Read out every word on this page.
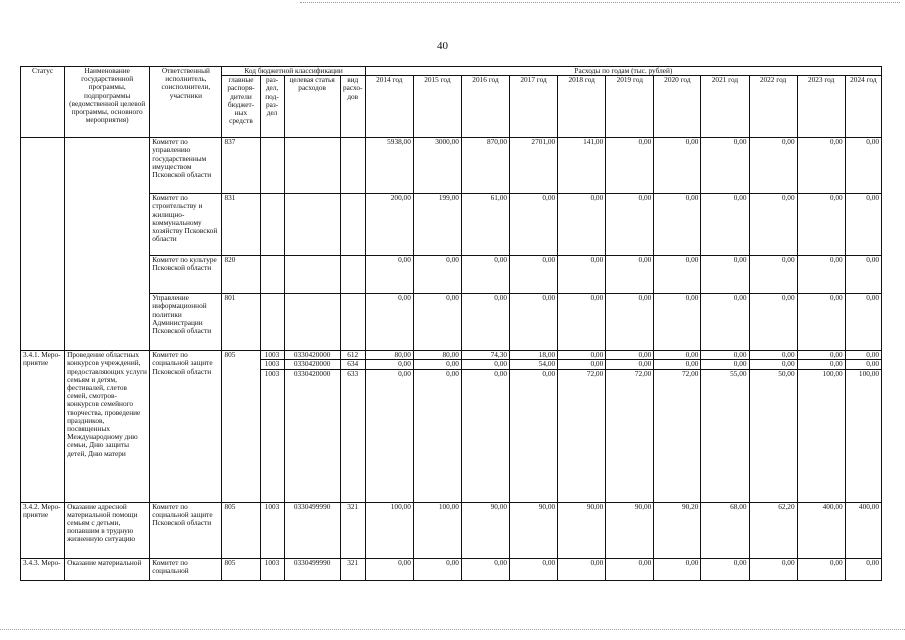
40
Статус	Наименование государственной программы, подпрограммы (ведомственной целевой программы, основного мероприятия)	Ответственный исполнитель, соисполнители, участники	Код бюджетной классификации				Расходы по годам (тыс. рублей)										
			главные распоря-дители бюджет-ных средств	раз-дел, под-раз-дел	целевая статья расходов	вид расхо-дов	2014 год	2015 год	2016 год	2017 год	2018 год	2019 год	2020 год	2021 год	2022 год	2023 год	2024 год
		Комитет по управлению государственным имуществом Псковской области	837				5938,00	3000,00	870,00	2701,00	141,00	0,00	0,00	0,00	0,00	0,00	0,00
		Комитет по строительству и жилищно-коммунальному хозяйству Псковской области	831				200,00	199,00	61,00	0,00	0,00	0,00	0,00	0,00	0,00	0,00	0,00
		Комитет по культуре Псковской области	820				0,00	0,00	0,00	0,00	0,00	0,00	0,00	0,00	0,00	0,00	0,00
		Управление информационной политики Администрации Псковской области	801				0,00	0,00	0,00	0,00	0,00	0,00	0,00	0,00	0,00	0,00	0,00
3.4.1. Меро-приятие	Проведение областных конкурсов учреждений, предоставляющих услуги семьям и детям, фестивалей, слетов семей, смотров-конкурсов семейного творчества, проведение праздников, посвященных Международному дню семьи, Дню защиты детей, Дню матери	Комитет по социальной защите Псковской области	805	1003	0330420000	612	80,00	80,00	74,30	18,00	0,00	0,00	0,00	0,00	0,00	0,00	0,00
				1003	0330420000	634	0,00	0,00	0,00	54,00	0,00	0,00	0,00	0,00	0,00	0,00	0,00
				1003	0330420000	633	0,00	0,00	0,00	0,00	72,00	72,00	72,00	55,00	50,00	100,00	100,00
3.4.2. Меро-приятие	Оказание адресной материальной помощи семьям с детьми, попавшим в трудную жизненную ситуацию	Комитет по социальной защите Псковской области	805	1003	0330499990	321	100,00	100,00	90,00	90,00	90,00	90,00	90,20	68,00	62,20	400,00	400,00
3.4.3. Меро-	Оказание материальной	Комитет по социальной	805	1003	0330499990	321	0,00	0,00	0,00	0,00	0,00	0,00	0,00	0,00	0,00	0,00	0,00
